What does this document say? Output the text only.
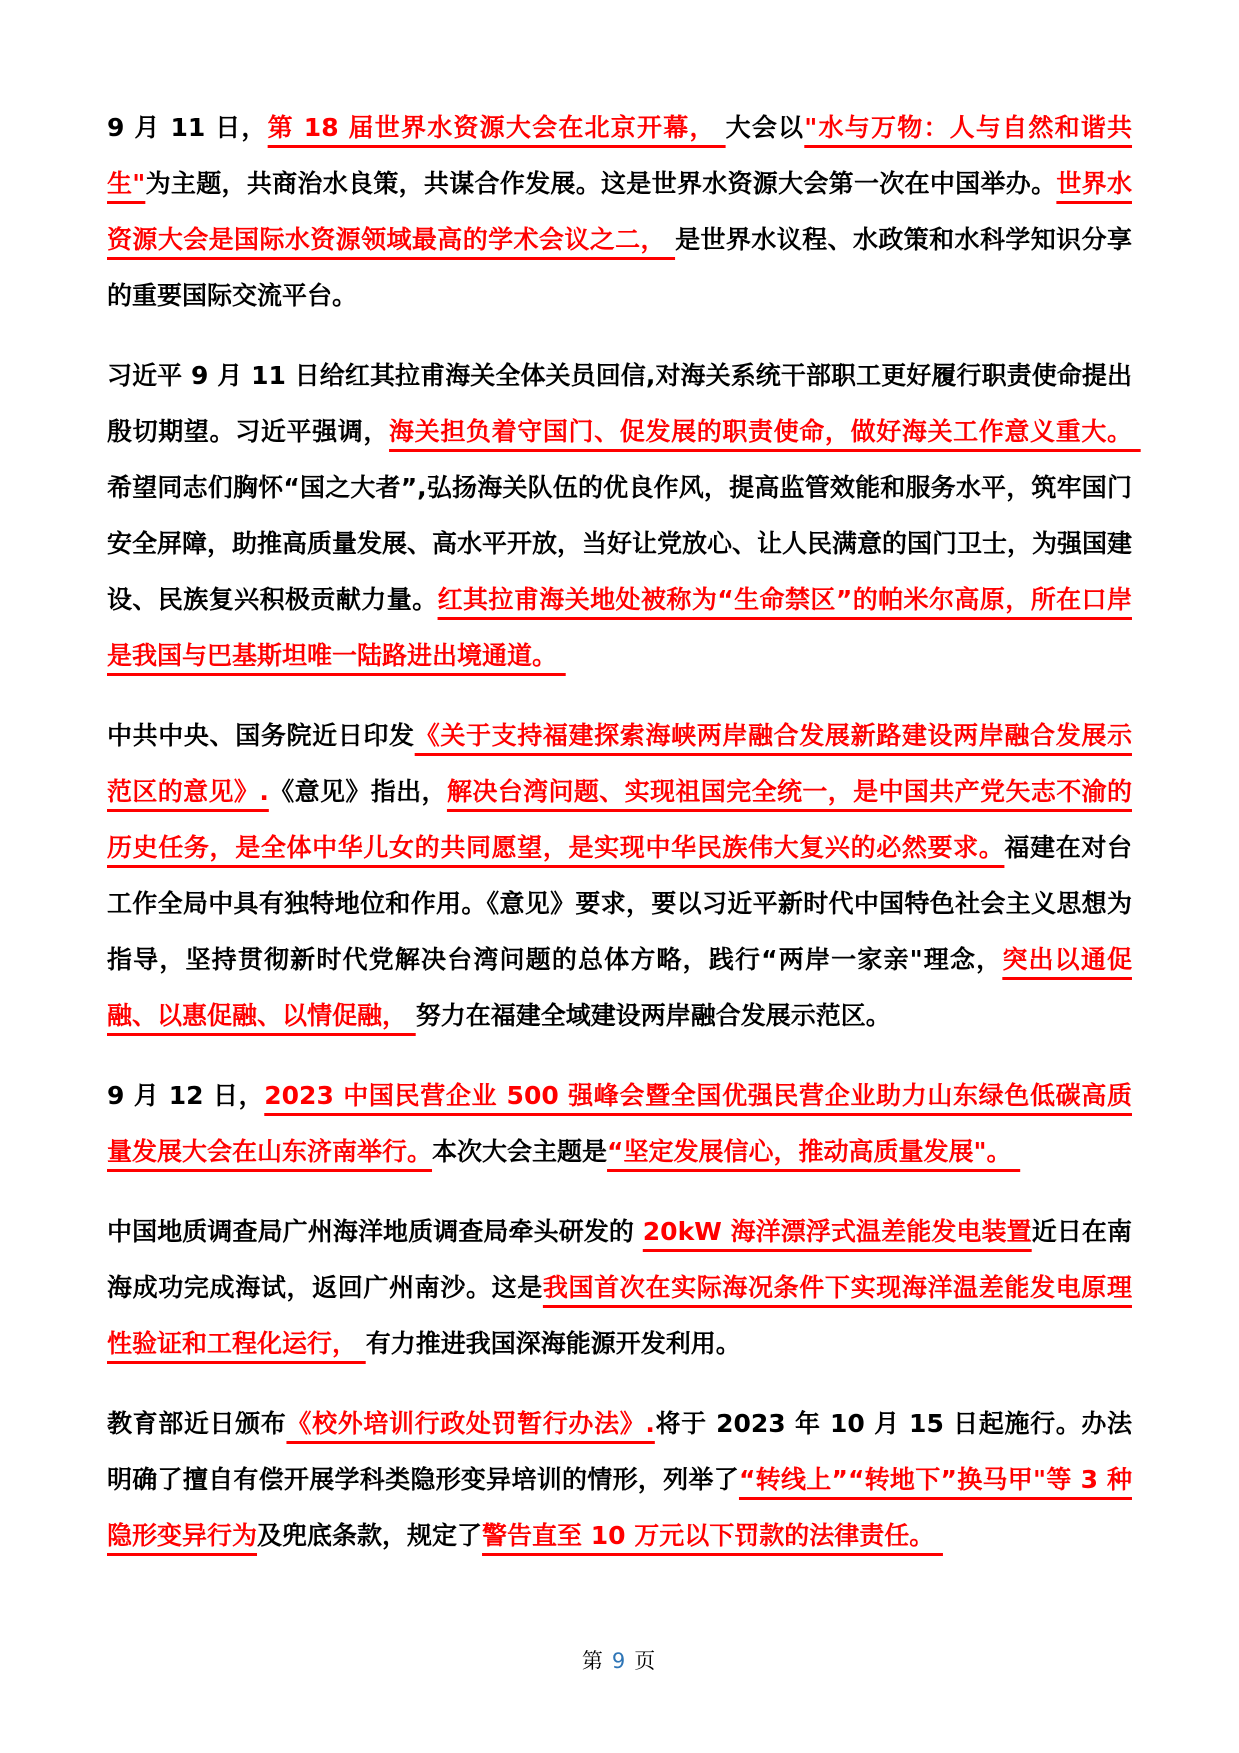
9 月 11 日，第 18 届世界水资源大会在北京开幕， 大会以"水与万物：人与自然和谐共生"为主题，共商治水良策，共谋合作发展。这是世界水资源大会第一次在中国举办。世界水资源大会是国际水资源领域最高的学术会议之二， 是世界水议程、水政策和水科学知识分享的重要国际交流平台。

习近平 9 月 11 日给红其拉甫海关全体关员回信,对海关系统干部职工更好履行职责使命提出殷切期望。习近平强调，海关担负着守国门、促发展的职责使命，做好海关工作意义重大。 希望同志们胸怀“国之大者”,弘扬海关队伍的优良作风，提高监管效能和服务水平，筑牢国门安全屏障，助推高质量发展、高水平开放，当好让党放心、让人民满意的国门卫士，为强国建设、民族复兴积极贡献力量。红其拉甫海关地处被称为“生命禁区”的帕米尔高原，所在口岸是我国与巴基斯坦唯一陆路进出境通道。

中共中央、国务院近日印发《关于支持福建探索海峡两岸融合发展新路建设两岸融合发展示范区的意见》.《意见》指出，解决台湾问题、实现祖国完全统一，是中国共产党矢志不渝的历史任务，是全体中华儿女的共同愿望，是实现中华民族伟大复兴的必然要求。福建在对台工作全局中具有独特地位和作用。《意见》要求，要以习近平新时代中国特色社会主义思想为指导，坚持贯彻新时代党解决台湾问题的总体方略，践行“两岸一家亲"理念，突出以通促融、以惠促融、以情促融， 努力在福建全域建设两岸融合发展示范区。

9 月 12 日，2023 中国民营企业 500 强峰会暨全国优强民营企业助力山东绿色低碳高质量发展大会在山东济南举行。本次大会主题是“坚定发展信心，推动高质量发展"。

中国地质调查局广州海洋地质调查局牵头研发的 20kW 海洋漂浮式温差能发电装置近日在南海成功完成海试，返回广州南沙。这是我国首次在实际海况条件下实现海洋温差能发电原理性验证和工程化运行， 有力推进我国深海能源开发利用。

教育部近日颁布《校外培训行政处罚暂行办法》.将于 2023 年 10 月 15 日起施行。办法明确了擅自有偿开展学科类隐形变异培训的情形，列举了“转线上”“转地下”换马甲"等 3 种隐形变异行为及兜底条款，规定了警告直至 10 万元以下罚款的法律责任。

第 9 页
